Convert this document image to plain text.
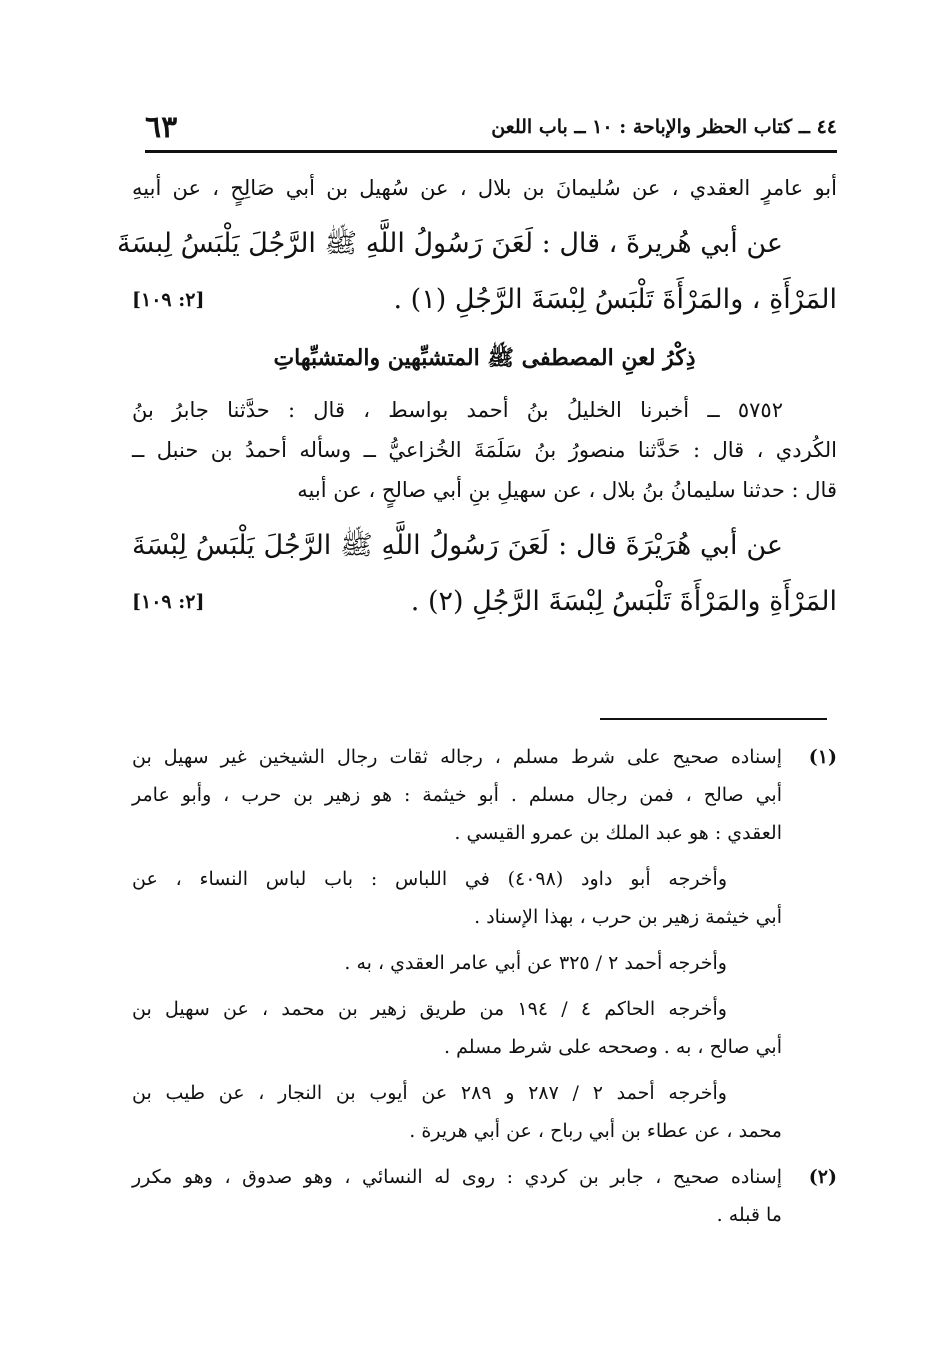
٦٣	٤٤ ــ كتاب الحظر والإباحة : ١٠ ــ باب اللعن
أبو عامرٍ العقدي ، عن سُليمانَ بن بلال ، عن سُهيل بن أبي صَالِحٍ ، عن أبيهِ
عن أبي هُريرةَ ، قال : لَعَنَ رَسُولُ اللَّهِ ﷺ الرَّجُلَ يَلْبَسُ لِبسَةَ
المَرْأَةِ ، والمَرْأَةَ تَلْبَسُ لِبْسَةَ الرَّجُلِ (١) .
[٢: ١٠٩]
ذِكْرُ لعنِ المصطفى ﷺ المتشبِّهين والمتشبِّهاتِ
٥٧٥٢ ــ أخبرنا الخليلُ بنُ أحمد بواسط ، قال : حدَّثنا جابرُ بنُ
الكُردي ، قال : حَدَّثنا منصورُ بنُ سَلَمَةَ الخُزاعيُّ ــ وسأله أحمدُ بن حنبل ــ
قال : حدثنا سليمانُ بنُ بلال ، عن سهيلِ بنِ أبي صالحٍ ، عن أبيه
عن أبي هُرَيْرَةَ قال : لَعَنَ رَسُولُ اللَّهِ ﷺ الرَّجُلَ يَلْبَسُ لِبْسَةَ
المَرْأَةِ والمَرْأَةَ تَلْبَسُ لِبْسَةَ الرَّجُلِ (٢) .
[٢: ١٠٩]
(١)
إسناده صحيح على شرط مسلم ، رجاله ثقات رجال الشيخين غير سهيل بن
أبي صالح ، فمن رجال مسلم . أبو خيثمة : هو زهير بن حرب ، وأبو عامر
العقدي : هو عبد الملك بن عمرو القيسي .
وأخرجه أبو داود (٤٠٩٨) في اللباس : باب لباس النساء ، عن
أبي خيثمة زهير بن حرب ، بهذا الإسناد .
وأخرجه أحمد ٢ / ٣٢٥ عن أبي عامر العقدي ، به .
وأخرجه الحاكم ٤ / ١٩٤ من طريق زهير بن محمد ، عن سهيل بن
أبي صالح ، به . وصححه على شرط مسلم .
وأخرجه أحمد ٢ / ٢٨٧ و ٢٨٩ عن أيوب بن النجار ، عن طيب بن
محمد ، عن عطاء بن أبي رباح ، عن أبي هريرة .
(٢)
إسناده صحيح ، جابر بن كردي : روى له النسائي ، وهو صدوق ، وهو مكرر
ما قبله .
